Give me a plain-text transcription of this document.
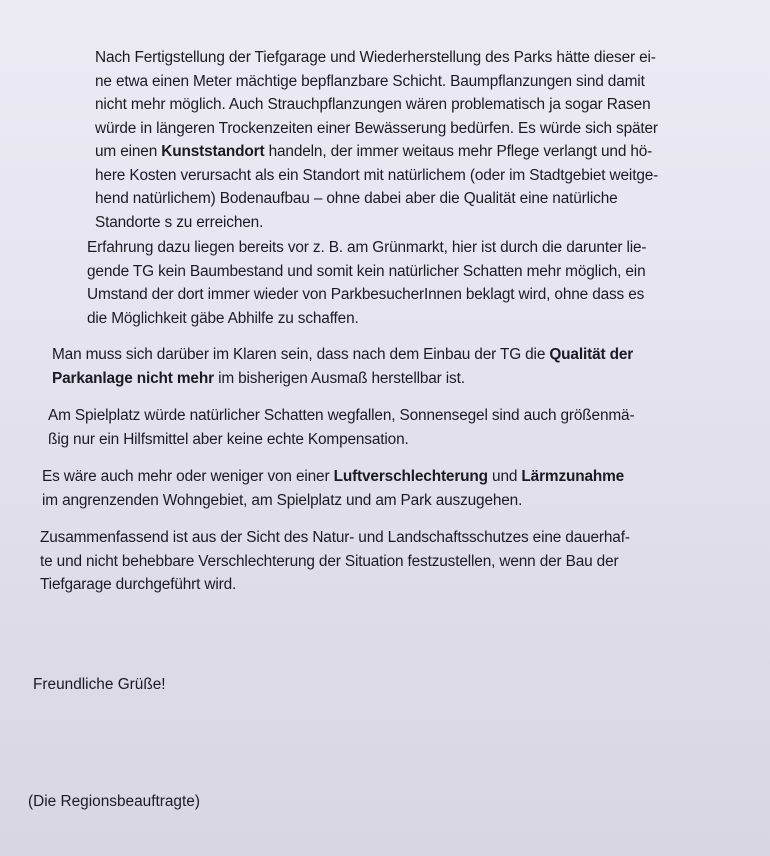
Nach Fertigstellung der Tiefgarage und Wiederherstellung des Parks hätte dieser ei-
ne etwa einen Meter mächtige bepflanzbare Schicht. Baumpflanzungen sind damit
nicht mehr möglich. Auch Strauchpflanzungen wären problematisch ja sogar Rasen
würde in längeren Trockenzeiten einer Bewässerung bedürfen. Es würde sich später
um einen Kunststandort handeln, der immer weitaus mehr Pflege verlangt und hö-
here Kosten verursacht als ein Standort mit natürlichem (oder im Stadtgebiet weitge-
hend natürlichem) Bodenaufbau – ohne dabei aber die Qualität eine natürliche
Standorte s zu erreichen.

Erfahrung dazu liegen bereits vor z. B. am Grünmarkt, hier ist durch die darunter lie-
gende TG kein Baumbestand und somit kein natürlicher Schatten mehr möglich, ein
Umstand der dort immer wieder von ParkbesucherInnen beklagt wird, ohne dass es
die Möglichkeit gäbe Abhilfe zu schaffen.

Man muss sich darüber im Klaren sein, dass nach dem Einbau der TG die Qualität der
Parkanlage nicht mehr im bisherigen Ausmaß herstellbar ist.

Am Spielplatz würde natürlicher Schatten wegfallen, Sonnensegel sind auch größenmä-
ßig nur ein Hilfsmittel aber keine echte Kompensation.

Es wäre auch mehr oder weniger von einer Luftverschlechterung und Lärmzunahme
im angrenzenden Wohngebiet, am Spielplatz und am Park auszugehen.

Zusammenfassend ist aus der Sicht des Natur- und Landschaftsschutzes eine dauerhaf-
te und nicht behebbare Verschlechterung der Situation festzustellen, wenn der Bau der
Tiefgarage durchgeführt wird.

Freundliche Grüße!

(Die Regionsbeauftragte)
